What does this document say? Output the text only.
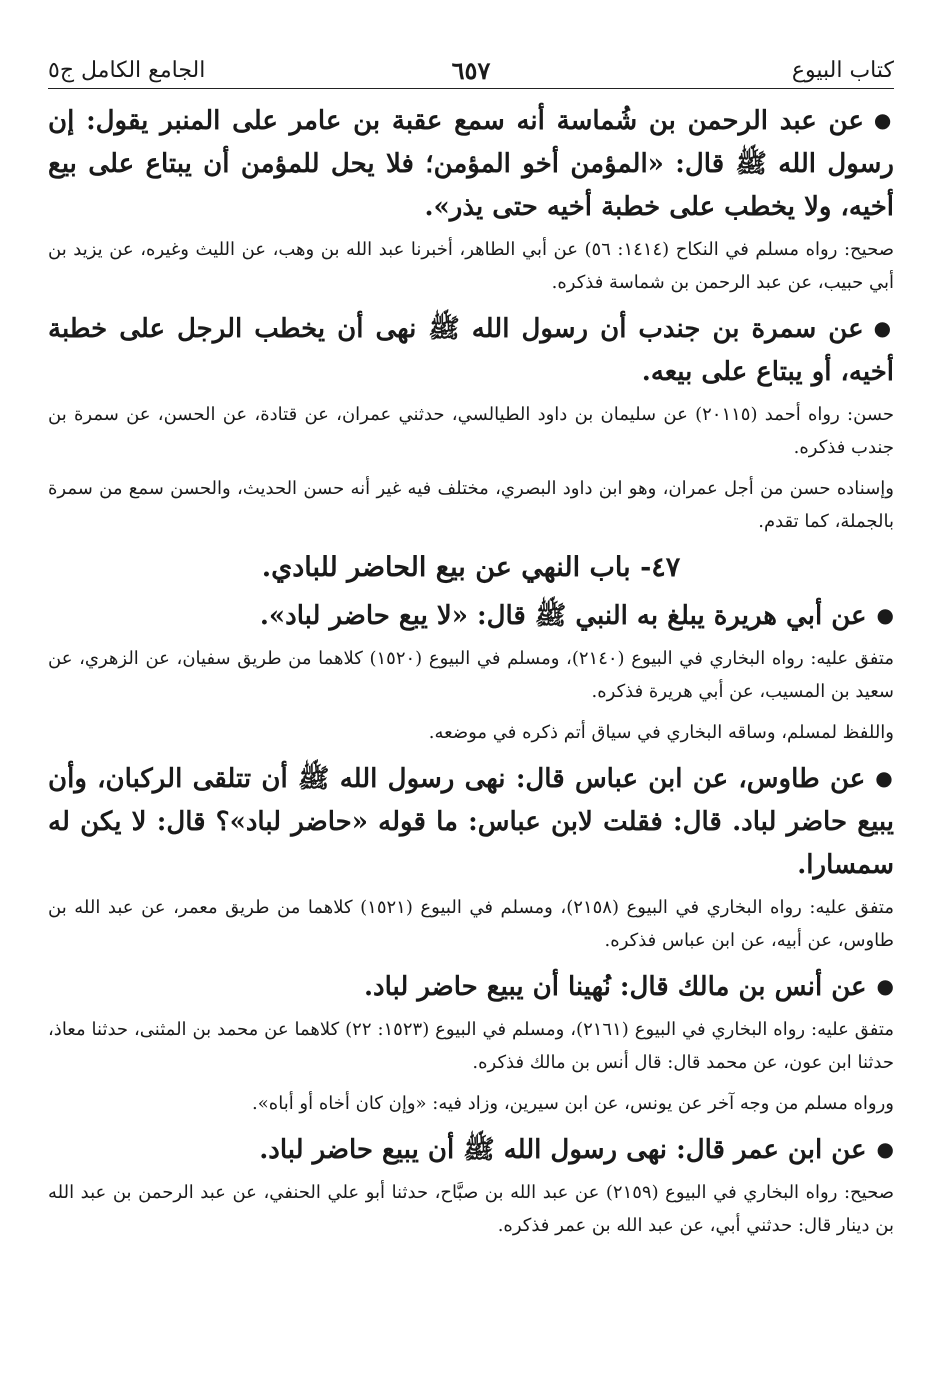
كتاب البيوع
٦٥٧
الجامع الكامل ج٥

●عن عبد الرحمن بن شُماسة أنه سمع عقبة بن عامر على المنبر يقول: إن رسول الله ﷺ قال: «المؤمن أخو المؤمن؛ فلا يحل للمؤمن أن يبتاع على بيع أخيه، ولا يخطب على خطبة أخيه حتى يذر».

صحيح: رواه مسلم في النكاح (١٤١٤: ٥٦) عن أبي الطاهر، أخبرنا عبد الله بن وهب، عن الليث وغيره، عن يزيد بن أبي حبيب، عن عبد الرحمن بن شماسة فذكره.

●عن سمرة بن جندب أن رسول الله ﷺ نهى أن يخطب الرجل على خطبة أخيه، أو يبتاع على بيعه.

حسن: رواه أحمد (٢٠١١٥) عن سليمان بن داود الطيالسي، حدثني عمران، عن قتادة، عن الحسن، عن سمرة بن جندب فذكره.

وإسناده حسن من أجل عمران، وهو ابن داود البصري، مختلف فيه غير أنه حسن الحديث، والحسن سمع من سمرة بالجملة، كما تقدم.

٤٧- باب النهي عن بيع الحاضر للبادي.

●عن أبي هريرة يبلغ به النبي ﷺ قال: «لا يبع حاضر لباد».

متفق عليه: رواه البخاري في البيوع (٢١٤٠)، ومسلم في البيوع (١٥٢٠) كلاهما من طريق سفيان، عن الزهري، عن سعيد بن المسيب، عن أبي هريرة فذكره.

واللفظ لمسلم، وساقه البخاري في سياق أتم ذكره في موضعه.

●عن طاوس، عن ابن عباس قال: نهى رسول الله ﷺ أن تتلقى الركبان، وأن يبيع حاضر لباد. قال: فقلت لابن عباس: ما قوله «حاضر لباد»؟ قال: لا يكن له سمسارا.

متفق عليه: رواه البخاري في البيوع (٢١٥٨)، ومسلم في البيوع (١٥٢١) كلاهما من طريق معمر، عن عبد الله بن طاوس، عن أبيه، عن ابن عباس فذكره.

●عن أنس بن مالك قال: نُهينا أن يبيع حاضر لباد.

متفق عليه: رواه البخاري في البيوع (٢١٦١)، ومسلم في البيوع (١٥٢٣: ٢٢) كلاهما عن محمد بن المثنى، حدثنا معاذ، حدثنا ابن عون، عن محمد قال: قال أنس بن مالك فذكره.

ورواه مسلم من وجه آخر عن يونس، عن ابن سيرين، وزاد فيه: «وإن كان أخاه أو أباه».

●عن ابن عمر قال: نهى رسول الله ﷺ أن يبيع حاضر لباد.

صحيح: رواه البخاري في البيوع (٢١٥٩) عن عبد الله بن صبَّاح، حدثنا أبو علي الحنفي، عن عبد الرحمن بن عبد الله بن دينار قال: حدثني أبي، عن عبد الله بن عمر فذكره.
